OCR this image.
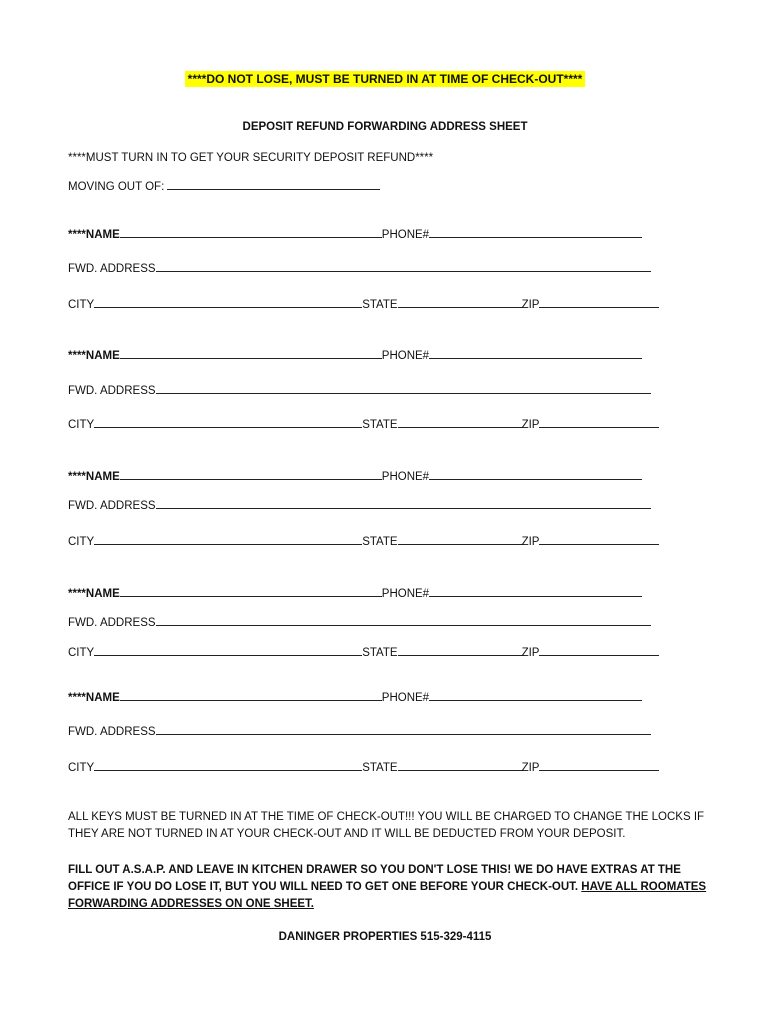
****DO NOT LOSE, MUST BE TURNED IN AT TIME OF CHECK-OUT****
DEPOSIT REFUND FORWARDING ADDRESS SHEET
****MUST TURN IN TO GET YOUR SECURITY DEPOSIT REFUND****
MOVING OUT OF:
****NAME	PHONE#
FWD. ADDRESS
CITY	STATE	ZIP
****NAME	PHONE#
FWD. ADDRESS
CITY	STATE	ZIP
****NAME	PHONE#
FWD. ADDRESS
CITY	STATE	ZIP
****NAME	PHONE#
FWD. ADDRESS
CITY	STATE	ZIP
****NAME	PHONE#
FWD. ADDRESS
CITY	STATE	ZIP
ALL KEYS MUST BE TURNED IN AT THE TIME OF CHECK-OUT!!! YOU WILL BE CHARGED TO CHANGE THE LOCKS IF THEY ARE NOT TURNED IN AT YOUR CHECK-OUT AND IT WILL BE DEDUCTED FROM YOUR DEPOSIT.
FILL OUT A.S.A.P. AND LEAVE IN KITCHEN DRAWER SO YOU DON'T LOSE THIS! WE DO HAVE EXTRAS AT THE OFFICE IF YOU DO LOSE IT, BUT YOU WILL NEED TO GET ONE BEFORE YOUR CHECK-OUT. HAVE ALL ROOMATES FORWARDING ADDRESSES ON ONE SHEET.
DANINGER PROPERTIES 515-329-4115
